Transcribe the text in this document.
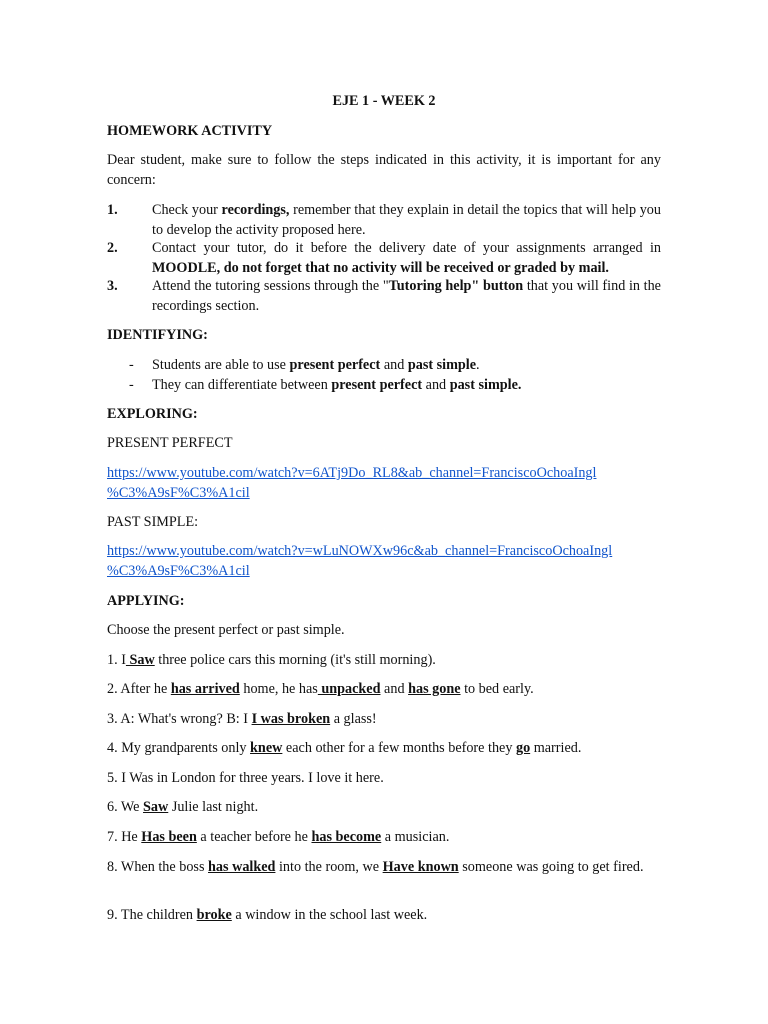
EJE 1 - WEEK 2
HOMEWORK ACTIVITY
Dear student, make sure to follow the steps indicated in this activity, it is important for any concern:
1. Check your recordings, remember that they explain in detail the topics that will help you to develop the activity proposed here.
2. Contact your tutor, do it before the delivery date of your assignments arranged in MOODLE, do not forget that no activity will be received or graded by mail.
3. Attend the tutoring sessions through the "Tutoring help" button that you will find in the recordings section.
IDENTIFYING:
- Students are able to use present perfect and past simple.
- They can differentiate between present perfect and past simple.
EXPLORING:
PRESENT PERFECT
https://www.youtube.com/watch?v=6ATj9Do_RL8&ab_channel=FranciscoOchoaIngl
%C3%A9sF%C3%A1cil
PAST SIMPLE:
https://www.youtube.com/watch?v=wLuNOWXw96c&ab_channel=FranciscoOchoaIngl
%C3%A9sF%C3%A1cil
APPLYING:
Choose the present perfect or past simple.
1. I Saw three police cars this morning (it's still morning).
2. After he has arrived home, he has unpacked and has gone to bed early.
3. A: What's wrong? B: I I was broken a glass!
4. My grandparents only knew each other for a few months before they go married.
5. I Was in London for three years. I love it here.
6. We Saw Julie last night.
7. He Has been a teacher before he has become a musician.
8. When the boss has walked into the room, we Have known someone was going to get fired.
9. The children broke a window in the school last week.
